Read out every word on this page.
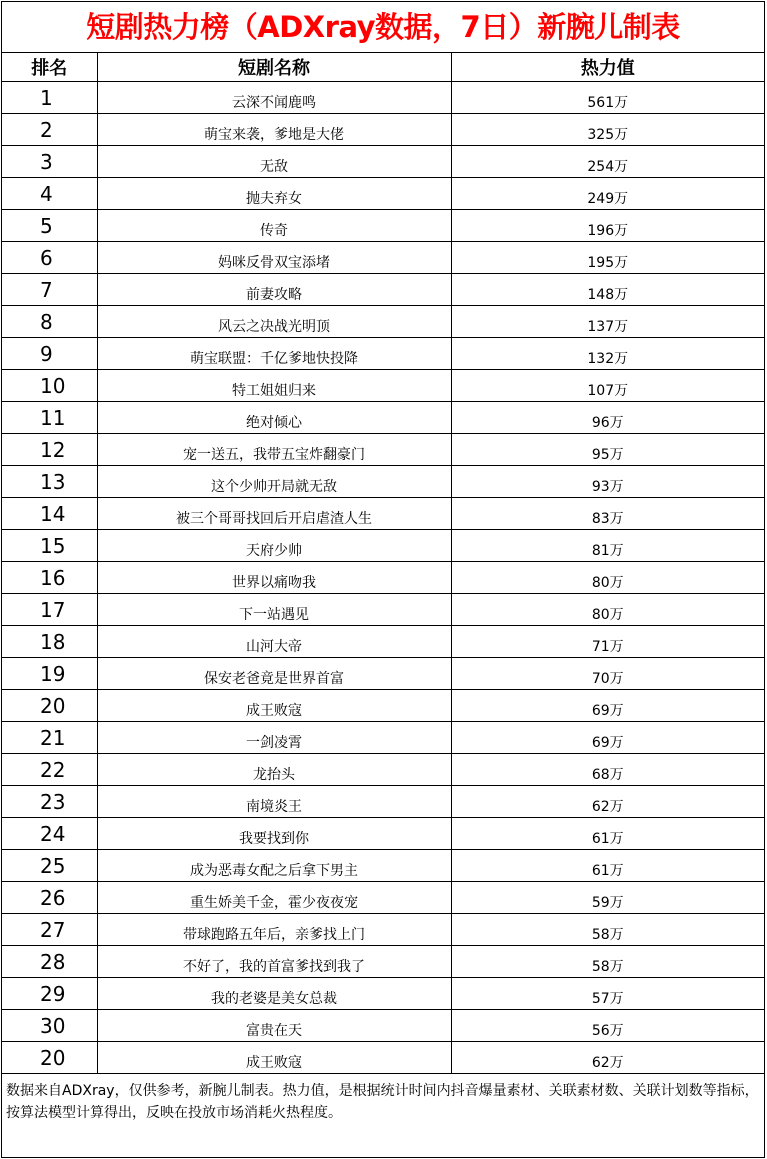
短剧热力榜（ADXray数据，7日）新腕儿制表
排名	短剧名称	热力值
1	云深不闻鹿鸣	561万
2	萌宝来袭，爹地是大佬	325万
3	无敌	254万
4	抛夫弃女	249万
5	传奇	196万
6	妈咪反骨双宝添堵	195万
7	前妻攻略	148万
8	风云之决战光明顶	137万
9	萌宝联盟：千亿爹地快投降	132万
10	特工姐姐归来	107万
11	绝对倾心	96万
12	宠一送五，我带五宝炸翻豪门	95万
13	这个少帅开局就无敌	93万
14	被三个哥哥找回后开启虐渣人生	83万
15	天府少帅	81万
16	世界以痛吻我	80万
17	下一站遇见	80万
18	山河大帝	71万
19	保安老爸竟是世界首富	70万
20	成王败寇	69万
21	一剑凌霄	69万
22	龙抬头	68万
23	南境炎王	62万
24	我要找到你	61万
25	成为恶毒女配之后拿下男主	61万
26	重生娇美千金，霍少夜夜宠	59万
27	带球跑路五年后，亲爹找上门	58万
28	不好了，我的首富爹找到我了	58万
29	我的老婆是美女总裁	57万
30	富贵在天	56万
20	成王败寇	62万
数据来自ADXray，仅供参考，新腕儿制表。热力值，是根据统计时间内抖音爆量素材、关联素材数、关联计划数等指标，按算法模型计算得出，反映在投放市场消耗火热程度。
